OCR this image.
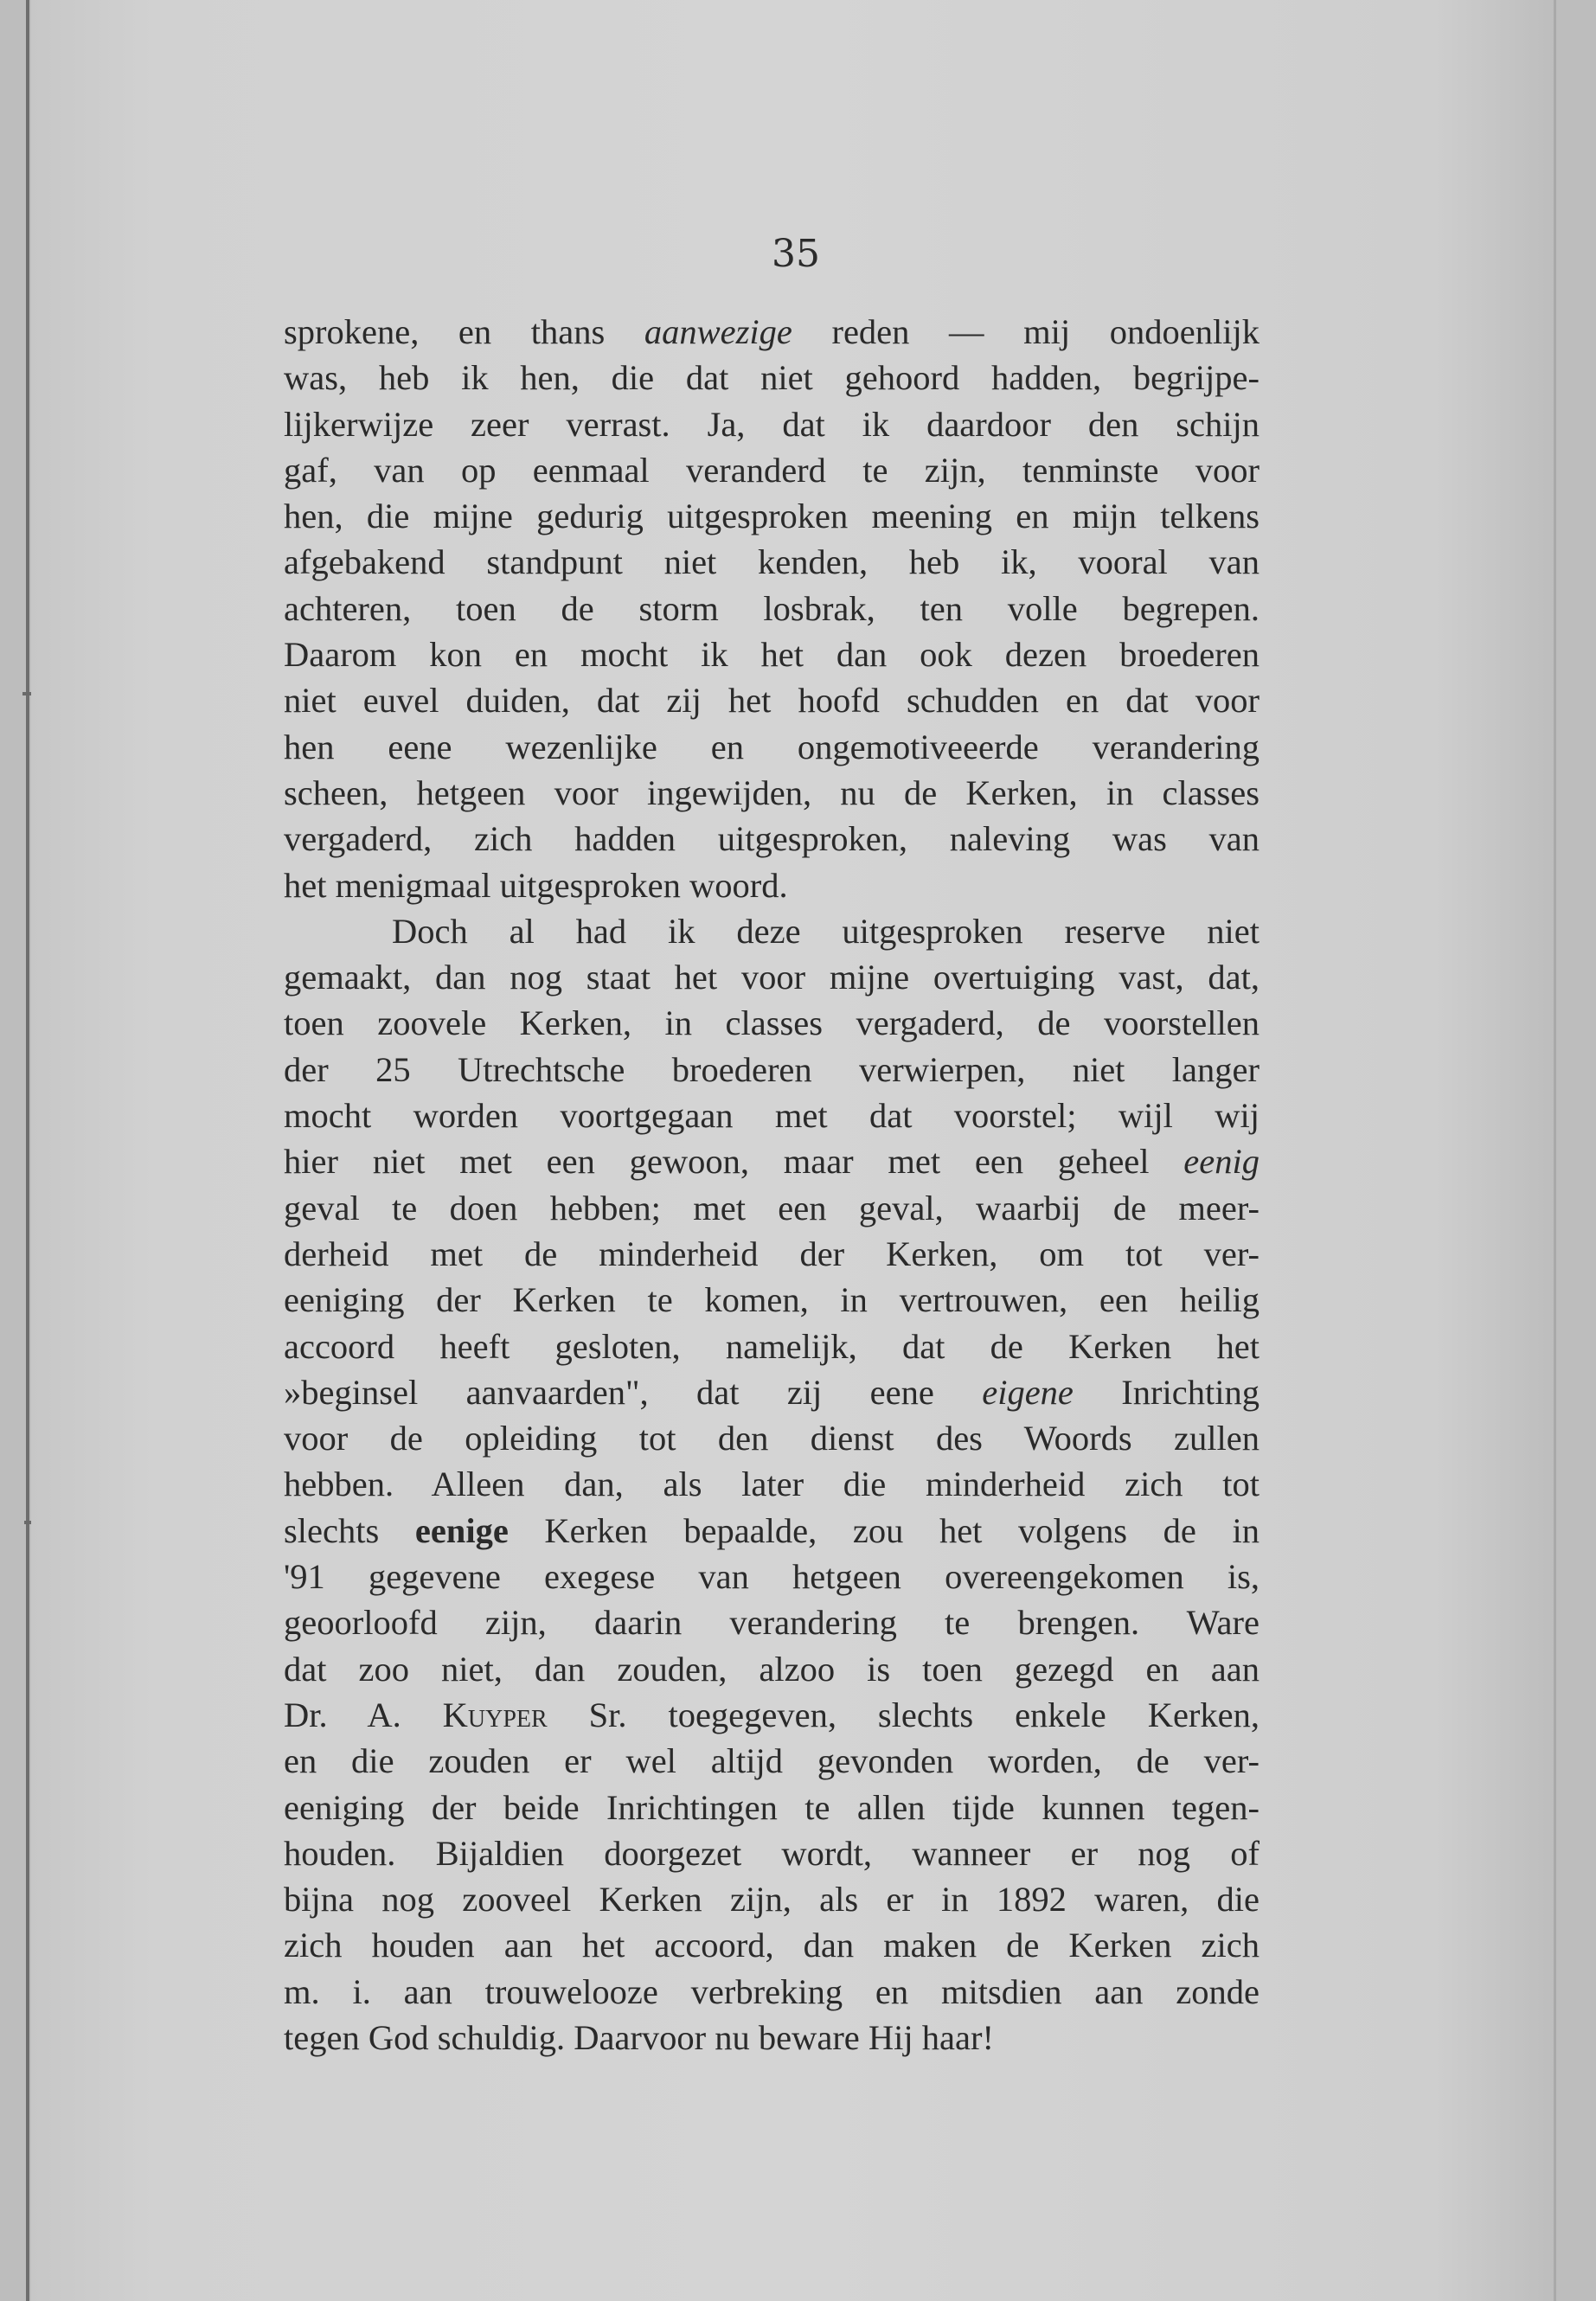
35
sprokene, en thans aanwezige reden — mij ondoenlijk
was, heb ik hen, die dat niet gehoord hadden, begrijpe-
lijkerwijze zeer verrast. Ja, dat ik daardoor den schijn
gaf, van op eenmaal veranderd te zijn, tenminste voor
hen, die mijne gedurig uitgesproken meening en mijn telkens
afgebakend standpunt niet kenden, heb ik, vooral van
achteren, toen de storm losbrak, ten volle begrepen.
Daarom kon en mocht ik het dan ook dezen broederen
niet euvel duiden, dat zij het hoofd schudden en dat voor
hen eene wezenlijke en ongemotiveeerde verandering
scheen, hetgeen voor ingewijden, nu de Kerken, in classes
vergaderd, zich hadden uitgesproken, naleving was van
het menigmaal uitgesproken woord.
Doch al had ik deze uitgesproken reserve niet
gemaakt, dan nog staat het voor mijne overtuiging vast, dat,
toen zoovele Kerken, in classes vergaderd, de voorstellen
der 25 Utrechtsche broederen verwierpen, niet langer
mocht worden voortgegaan met dat voorstel; wijl wij
hier niet met een gewoon, maar met een geheel eenig
geval te doen hebben; met een geval, waarbij de meer-
derheid met de minderheid der Kerken, om tot ver-
eeniging der Kerken te komen, in vertrouwen, een heilig
accoord heeft gesloten, namelijk, dat de Kerken het
»beginsel aanvaarden", dat zij eene eigene Inrichting
voor de opleiding tot den dienst des Woords zullen
hebben. Alleen dan, als later die minderheid zich tot
slechts eenige Kerken bepaalde, zou het volgens de in
'91 gegevene exegese van hetgeen overeengekomen is,
geoorloofd zijn, daarin verandering te brengen. Ware
dat zoo niet, dan zouden, alzoo is toen gezegd en aan
Dr. A. Kuyper Sr. toegegeven, slechts enkele Kerken,
en die zouden er wel altijd gevonden worden, de ver-
eeniging der beide Inrichtingen te allen tijde kunnen tegen-
houden. Bijaldien doorgezet wordt, wanneer er nog of
bijna nog zooveel Kerken zijn, als er in 1892 waren, die
zich houden aan het accoord, dan maken de Kerken zich
m. i. aan trouwelooze verbreking en mitsdien aan zonde
tegen God schuldig. Daarvoor nu beware Hij haar!
